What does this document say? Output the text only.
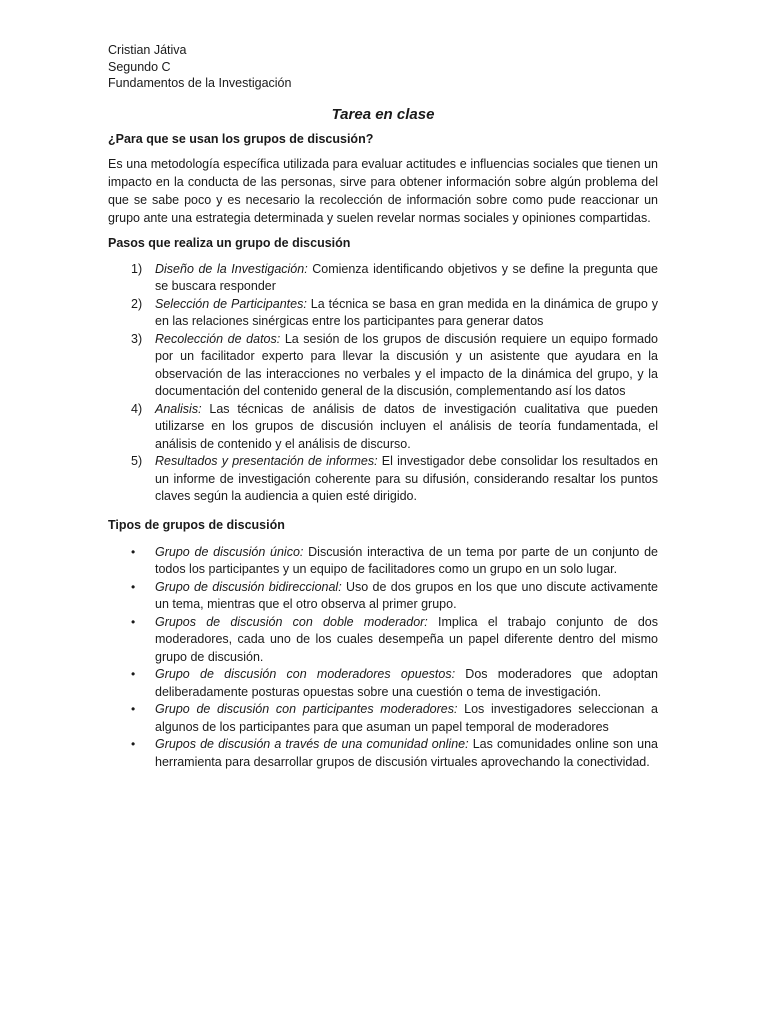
Cristian Játiva
Segundo C
Fundamentos de la Investigación
Tarea en clase
¿Para que se usan los grupos de discusión?

Es una metodología específica utilizada para evaluar actitudes e influencias sociales que tienen un impacto en la conducta de las personas, sirve para obtener información sobre algún problema del que se sabe poco y es necesario la recolección de información sobre como pude reaccionar un grupo ante una estrategia determinada y suelen revelar normas sociales y opiniones compartidas.

Pasos que realiza un grupo de discusión
1) Diseño de la Investigación: Comienza identificando objetivos y se define la pregunta que se buscara responder
2) Selección de Participantes: La técnica se basa en gran medida en la dinámica de grupo y en las relaciones sinérgicas entre los participantes para generar datos
3) Recolección de datos: La sesión de los grupos de discusión requiere un equipo formado por un facilitador experto para llevar la discusión y un asistente que ayudara en la observación de las interacciones no verbales y el impacto de la dinámica del grupo, y la documentación del contenido general de la discusión, complementando así los datos
4) Analisis: Las técnicas de análisis de datos de investigación cualitativa que pueden utilizarse en los grupos de discusión incluyen el análisis de teoría fundamentada, el análisis de contenido y el análisis de discurso.
5) Resultados y presentación de informes: El investigador debe consolidar los resultados en un informe de investigación coherente para su difusión, considerando resaltar los puntos claves según la audiencia a quien esté dirigido.
Tipos de grupos de discusión
• Grupo de discusión único: Discusión interactiva de un tema por parte de un conjunto de todos los participantes y un equipo de facilitadores como un grupo en un solo lugar.
• Grupo de discusión bidireccional: Uso de dos grupos en los que uno discute activamente un tema, mientras que el otro observa al primer grupo.
• Grupos de discusión con doble moderador: Implica el trabajo conjunto de dos moderadores, cada uno de los cuales desempeña un papel diferente dentro del mismo grupo de discusión.
• Grupo de discusión con moderadores opuestos: Dos moderadores que adoptan deliberadamente posturas opuestas sobre una cuestión o tema de investigación.
• Grupo de discusión con participantes moderadores: Los investigadores seleccionan a algunos de los participantes para que asuman un papel temporal de moderadores
• Grupos de discusión a través de una comunidad online: Las comunidades online son una herramienta para desarrollar grupos de discusión virtuales aprovechando la conectividad.
